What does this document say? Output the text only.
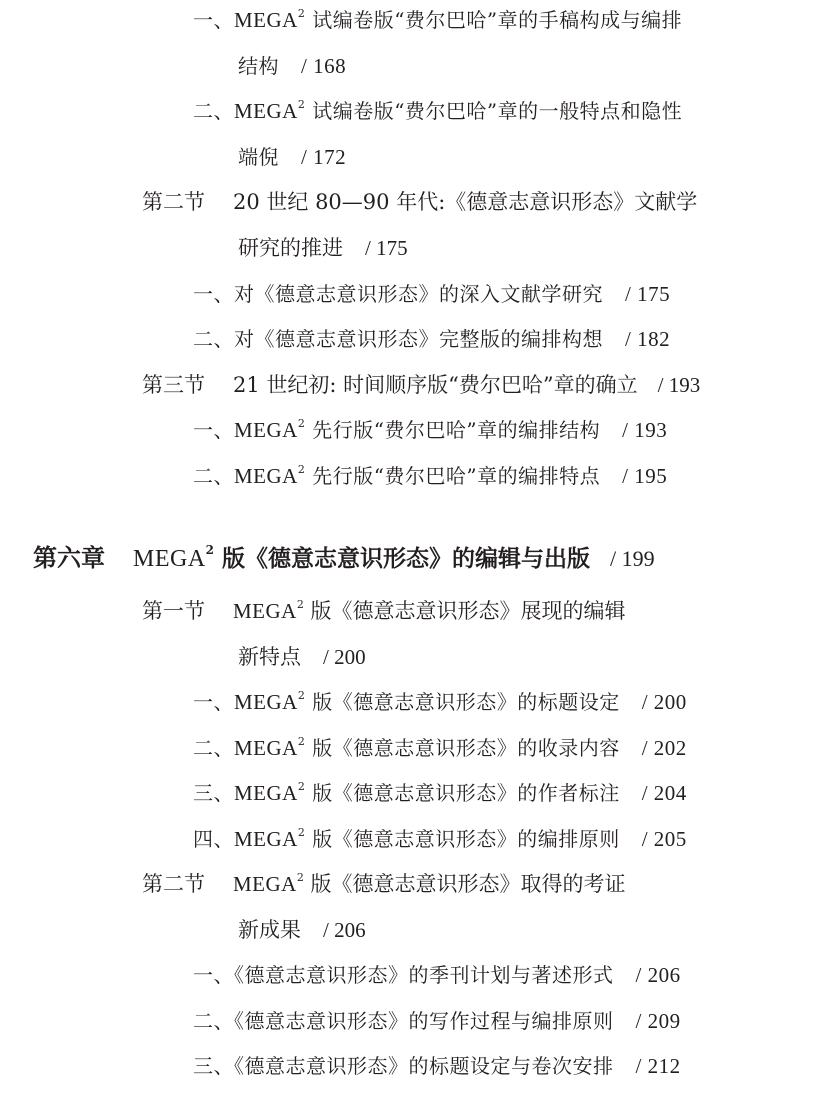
一、MEGA$^2$ 试编卷版“费尔巴哈”章的手稿构成与编排
结构 / 168
二、MEGA$^2$ 试编卷版“费尔巴哈”章的一般特点和隐性
端倪 / 172
第二节 20 世纪 80—90 年代:《德意志意识形态》文献学
研究的推进 / 175
一、对《德意志意识形态》的深入文献学研究 / 175
二、对《德意志意识形态》完整版的编排构想 / 182
第三节 21 世纪初: 时间顺序版“费尔巴哈”章的确立 / 193
一、MEGA$^2$ 先行版“费尔巴哈”章的编排结构 / 193
二、MEGA$^2$ 先行版“费尔巴哈”章的编排特点 / 195
第六章 MEGA$^2$ 版《德意志意识形态》的编辑与出版 / 199
第一节 MEGA$^2$ 版《德意志意识形态》展现的编辑
新特点 / 200
一、MEGA$^2$ 版《德意志意识形态》的标题设定 / 200
二、MEGA$^2$ 版《德意志意识形态》的收录内容 / 202
三、MEGA$^2$ 版《德意志意识形态》的作者标注 / 204
四、MEGA$^2$ 版《德意志意识形态》的编排原则 / 205
第二节 MEGA$^2$ 版《德意志意识形态》取得的考证
新成果 / 206
一、《德意志意识形态》的季刊计划与著述形式 / 206
二、《德意志意识形态》的写作过程与编排原则 / 209
三、《德意志意识形态》的标题设定与卷次安排 / 212
